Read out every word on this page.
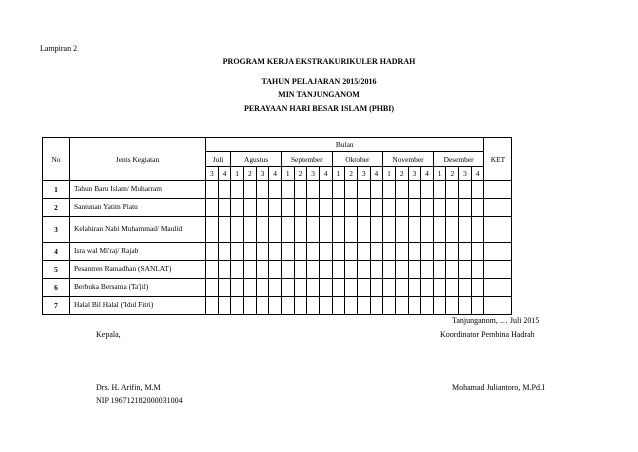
Lampiran 2
PROGRAM KERJA EKSTRAKURIKULER HADRAH
TAHUN PELAJARAN 2015/2016
MIN TANJUNGANOM
PERAYAAN HARI BESAR ISLAM (PHBI)
No	Jenis Kegiatan	Bulan																						KET
		Juli		Agustus				September				Oktober				November				Desember				
		3	4	1	2	3	4	1	2	3	4	1	2	3	4	1	2	3	4	1	2	3	4	
1	Tahun Baru Islam/ Muharram																							
2	Santunan Yatim Piatu																							
3	Kelahiran Nabi Muhammad/ Maulid																							
4	Isra wal Mi'raj/ Rajab																							
5	Pesantren Ramadhan (SANLAT)																							
6	Berbuka Bersama (Ta'jil)																							
7	Halal Bil Halal ('Idul Fitri)																							
Tanjunganom, … Juli 2015
Kepala,	Koordinator Pembina Hadrah
Drs. H. Arifin, M.M
NIP 196712182000031004
Mohamad Juliantoro, M.Pd.I
